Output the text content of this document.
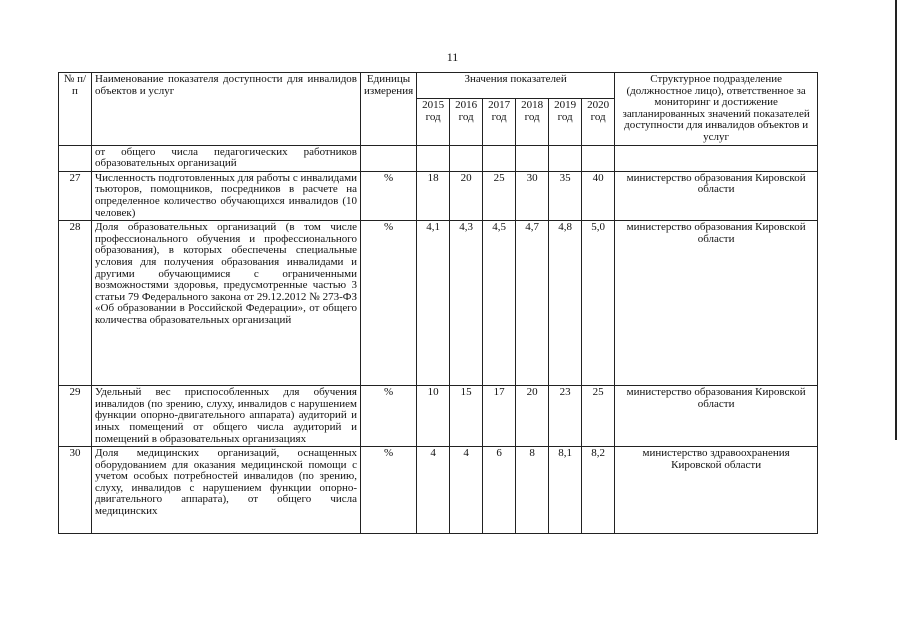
11
№ п/п	Наименование показателя доступности для инвалидов объектов и услуг	Единицы измерения	Значения показателей						Структурное подразделение (должностное лицо), ответственное за мониторинг и достижение запланированных значений показателей доступности для инвалидов объектов и услуг
			2015 год	2016 год	2017 год	2018 год	2019 год	2020 год	
	от общего числа педагогических работников образовательных организаций								
27	Численность подготовленных для работы с инвалидами тьюторов, помощников, посредников в расчете на определенное количество обучающихся инвалидов (10 человек)	%	18	20	25	30	35	40	министерство образования Кировской области
28	Доля образовательных организаций (в том числе профессионального обучения и профессионального образования), в которых обеспечены специальные условия для получения образования инвалидами и другими обучающимися с ограниченными возможностями здоровья, предусмотренные частью 3 статьи 79 Федерального закона от 29.12.2012 № 273-ФЗ «Об образовании в Российской Федерации», от общего количества образовательных организаций	%	4,1	4,3	4,5	4,7	4,8	5,0	министерство образования Кировской области
29	Удельный вес приспособленных для обучения инвалидов (по зрению, слуху, инвалидов с нарушением функции опорно-двигательного аппарата) аудиторий и иных помещений от общего числа аудиторий и помещений в образовательных организациях	%	10	15	17	20	23	25	министерство образования Кировской области
30	Доля медицинских организаций, оснащенных оборудованием для оказания медицинской помощи с учетом особых потребностей инвалидов (по зрению, слуху, инвалидов с нарушением функции опорно-двигательного аппарата), от общего числа медицинских	%	4	4	6	8	8,1	8,2	министерство здравоохранения Кировской области
